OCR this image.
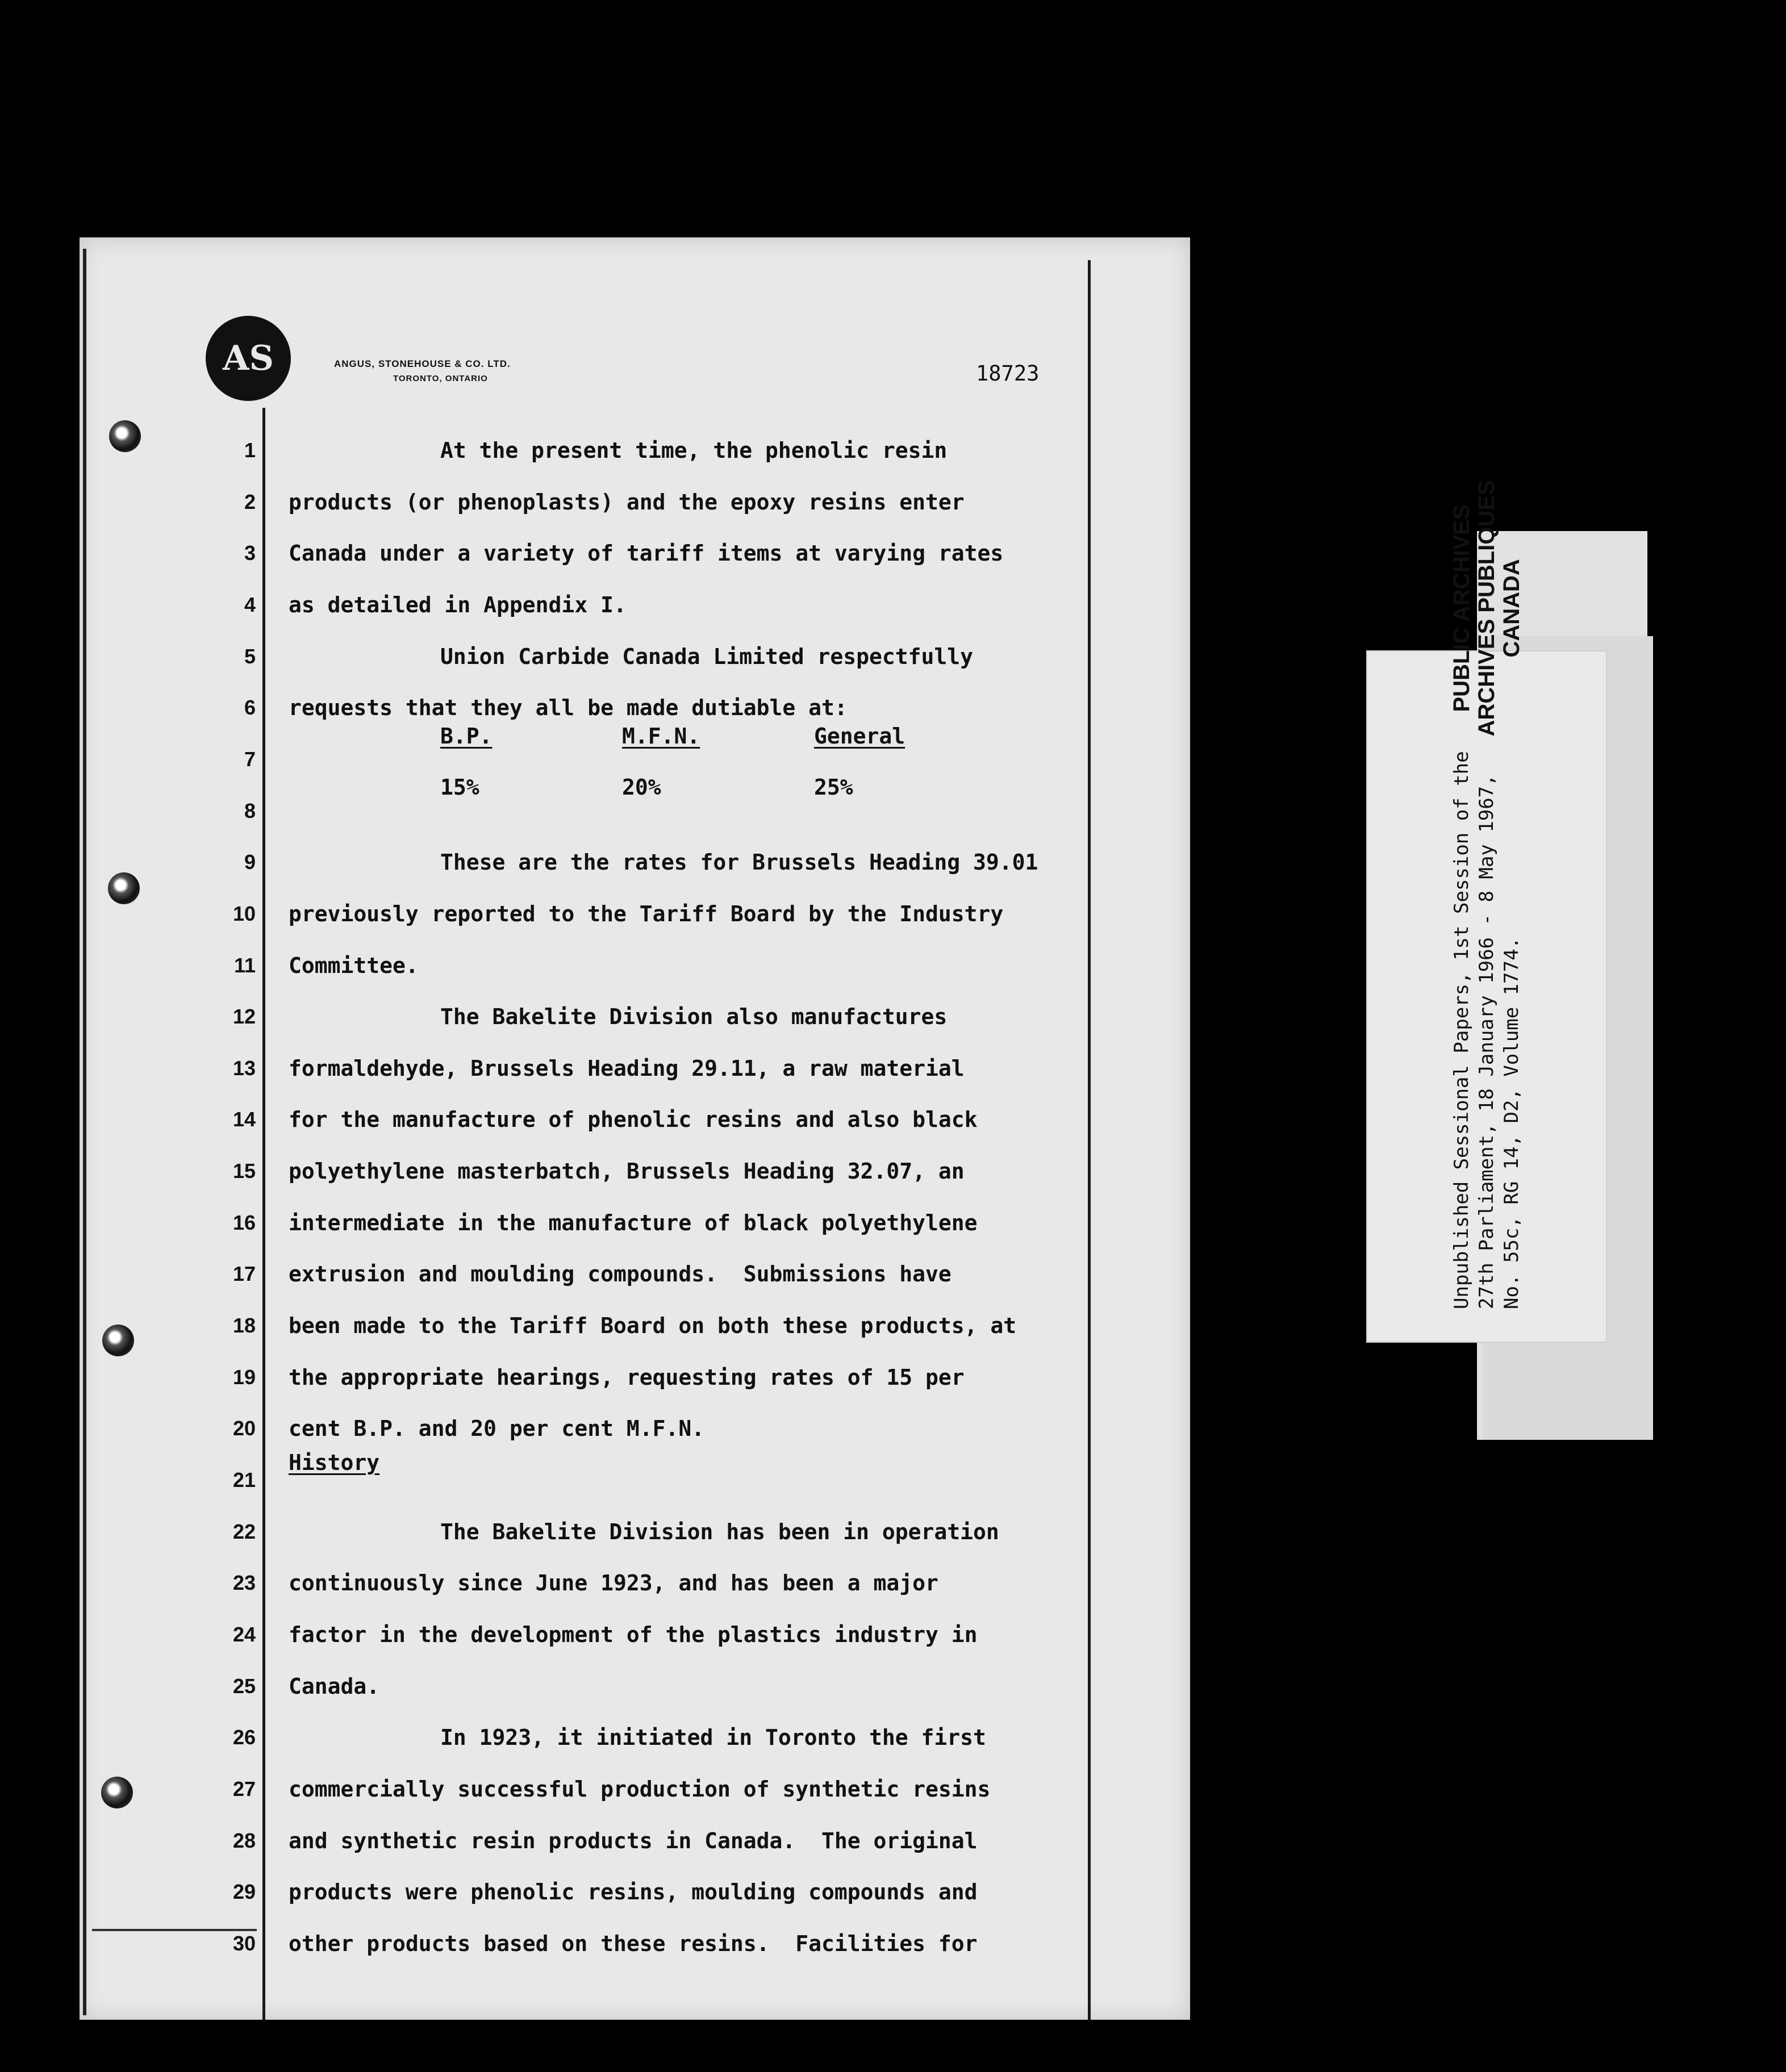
AS	ANGUS, STONEHOUSE & CO. LTD.
TORONTO, ONTARIO	18723
1	At the present time, the phenolic resin
2 products (or phenoplasts) and the epoxy resins enter
3 Canada under a variety of tariff items at varying rates
4 as detailed in Appendix I.
5	Union Carbide Canada Limited respectfully
6 requests that they all be made dutiable at:
7
8
9	These are the rates for Brussels Heading 39.01
10 previously reported to the Tariff Board by the Industry
11 Committee.
12	The Bakelite Division also manufactures
13 formaldehyde, Brussels Heading 29.11, a raw material
14 for the manufacture of phenolic resins and also black
15 polyethylene masterbatch, Brussels Heading 32.07, an
16 intermediate in the manufacture of black polyethylene
17 extrusion and moulding compounds.  Submissions have
18 been made to the Tariff Board on both these products, at
19 the appropriate hearings, requesting rates of 15 per
20 cent B.P. and 20 per cent M.F.N.
21
22	The Bakelite Division has been in operation
23 continuously since June 1923, and has been a major
24 factor in the development of the plastics industry in
25 Canada.
26	In 1923, it initiated in Toronto the first
27 commercially successful production of synthetic resins
28 and synthetic resin products in Canada.  The original
29 products were phenolic resins, moulding compounds and
30 other products based on these resins.  Facilities for
B.P.	M.F.N.	General
15%	20%	25%
History
Unpublished Sessional Papers, 1st Session of the 27th Parliament, 18 January 1966 - 8 May 1967, No. 55c, RG 14, D2, Volume 1774.
PUBLIC ARCHIVES ARCHIVES PUBLIQUES CANADA
